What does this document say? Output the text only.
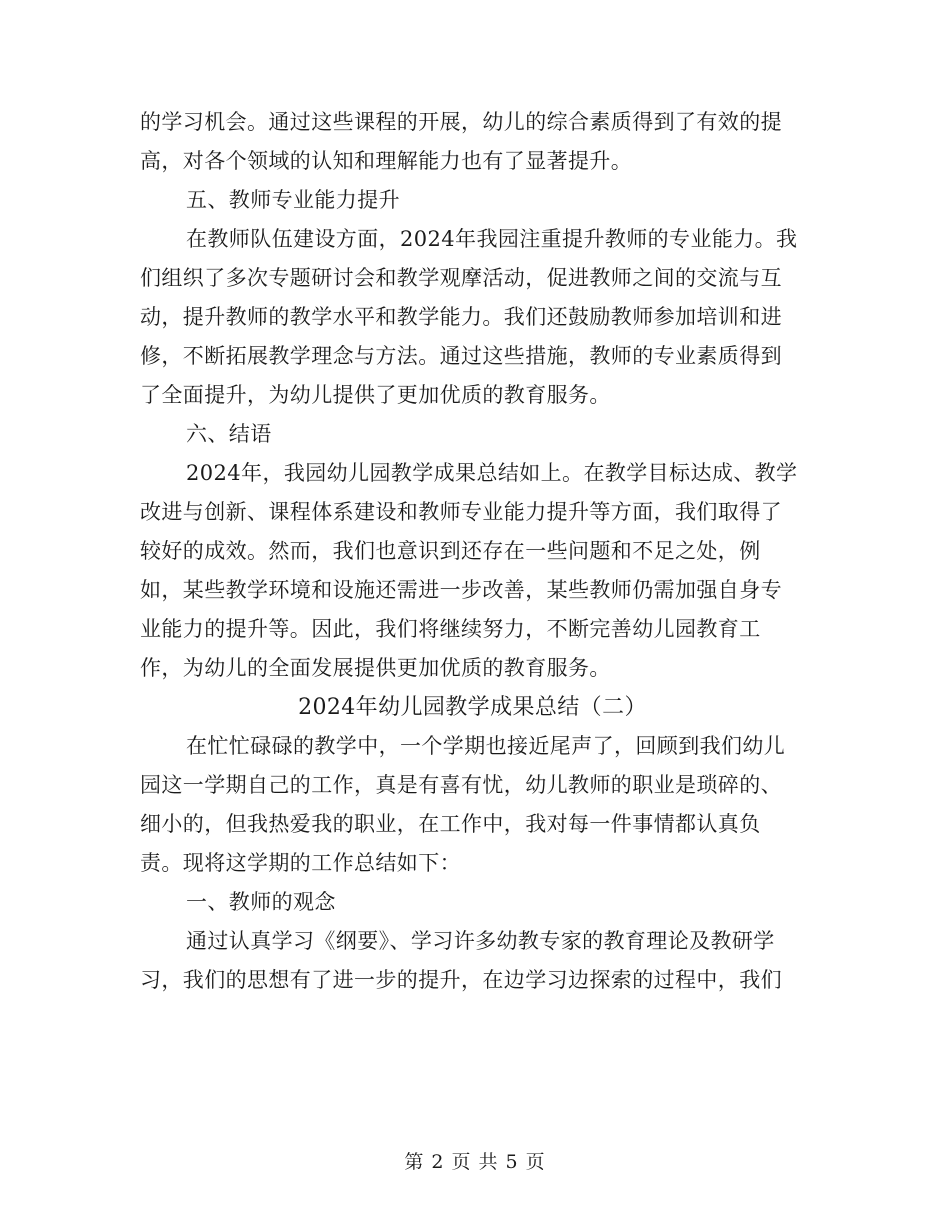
的学习机会。通过这些课程的开展，幼儿的综合素质得到了有效的提
高，对各个领域的认知和理解能力也有了显著提升。
五、教师专业能力提升
在教师队伍建设方面，2024年我园注重提升教师的专业能力。我
们组织了多次专题研讨会和教学观摩活动，促进教师之间的交流与互
动，提升教师的教学水平和教学能力。我们还鼓励教师参加培训和进
修，不断拓展教学理念与方法。通过这些措施，教师的专业素质得到
了全面提升，为幼儿提供了更加优质的教育服务。
六、结语
2024年，我园幼儿园教学成果总结如上。在教学目标达成、教学
改进与创新、课程体系建设和教师专业能力提升等方面，我们取得了
较好的成效。然而，我们也意识到还存在一些问题和不足之处，例
如，某些教学环境和设施还需进一步改善，某些教师仍需加强自身专
业能力的提升等。因此，我们将继续努力，不断完善幼儿园教育工
作，为幼儿的全面发展提供更加优质的教育服务。
2024年幼儿园教学成果总结（二）
在忙忙碌碌的教学中，一个学期也接近尾声了，回顾到我们幼儿
园这一学期自己的工作，真是有喜有忧，幼儿教师的职业是琐碎的、
细小的，但我热爱我的职业，在工作中，我对每一件事情都认真负
责。现将这学期的工作总结如下：
一、教师的观念
通过认真学习《纲要》、学习许多幼教专家的教育理论及教研学
习，我们的思想有了进一步的提升，在边学习边探索的过程中，我们
第 2 页 共 5 页
